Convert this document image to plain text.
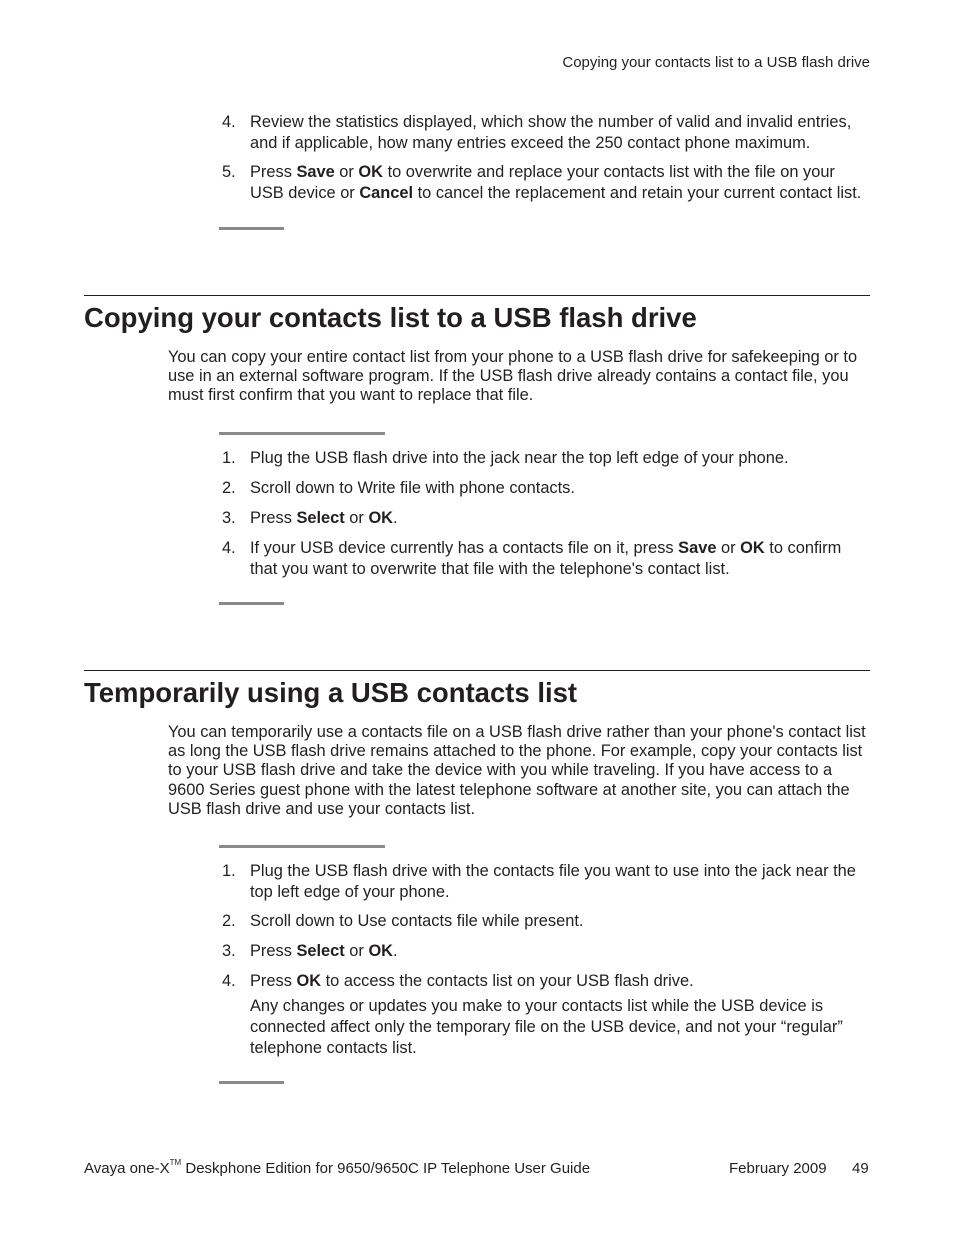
Copying your contacts list to a USB flash drive
4. Review the statistics displayed, which show the number of valid and invalid entries, and if applicable, how many entries exceed the 250 contact phone maximum.
5. Press Save or OK to overwrite and replace your contacts list with the file on your USB device or Cancel to cancel the replacement and retain your current contact list.
Copying your contacts list to a USB flash drive
You can copy your entire contact list from your phone to a USB flash drive for safekeeping or to use in an external software program. If the USB flash drive already contains a contact file, you must first confirm that you want to replace that file.
1. Plug the USB flash drive into the jack near the top left edge of your phone.
2. Scroll down to Write file with phone contacts.
3. Press Select or OK.
4. If your USB device currently has a contacts file on it, press Save or OK to confirm that you want to overwrite that file with the telephone's contact list.
Temporarily using a USB contacts list
You can temporarily use a contacts file on a USB flash drive rather than your phone's contact list as long the USB flash drive remains attached to the phone. For example, copy your contacts list to your USB flash drive and take the device with you while traveling. If you have access to a 9600 Series guest phone with the latest telephone software at another site, you can attach the USB flash drive and use your contacts list.
1. Plug the USB flash drive with the contacts file you want to use into the jack near the top left edge of your phone.
2. Scroll down to Use contacts file while present.
3. Press Select or OK.
4. Press OK to access the contacts list on your USB flash drive.
Any changes or updates you make to your contacts list while the USB device is connected affect only the temporary file on the USB device, and not your “regular” telephone contacts list.
Avaya one-X™ Deskphone Edition for 9650/9650C IP Telephone User Guide	February 2009 49
